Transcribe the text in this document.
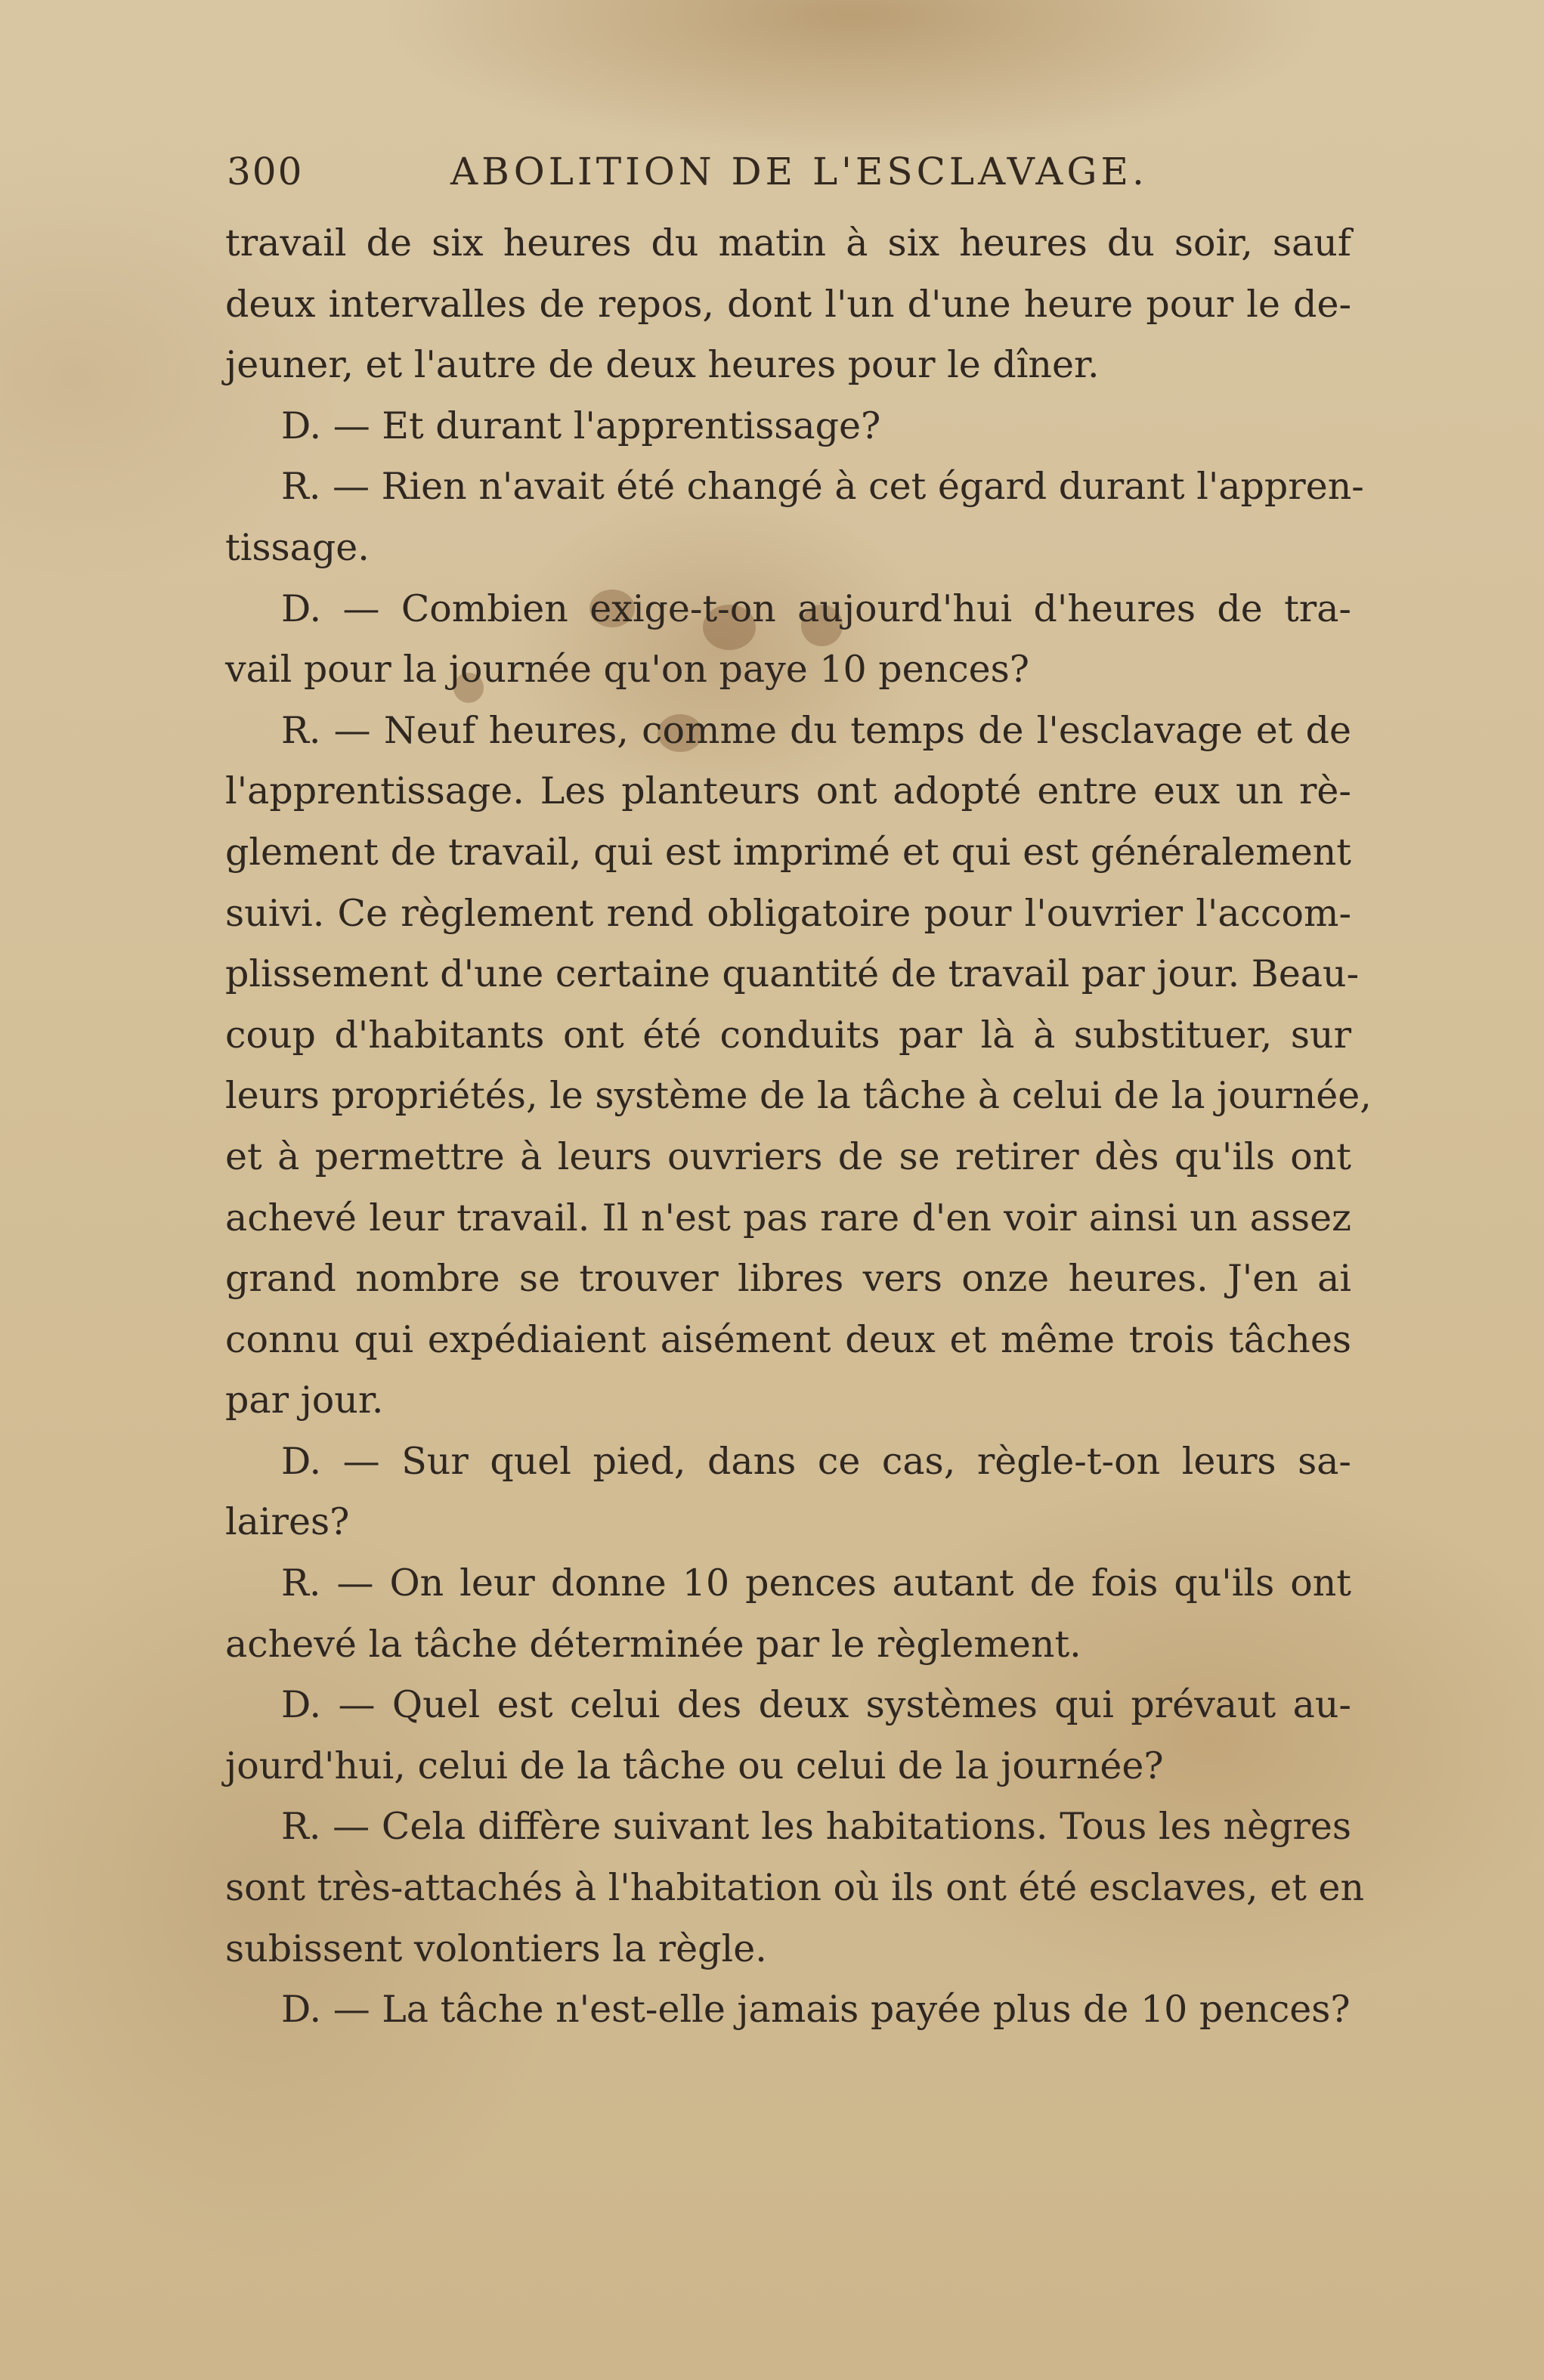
300	ABOLITION DE L'ESCLAVAGE.
travail de six heures du matin à six heures du soir, sauf
deux intervalles de repos, dont l'un d'une heure pour le de-
jeuner, et l'autre de deux heures pour le dîner.
D. — Et durant l'apprentissage?
R. — Rien n'avait été changé à cet égard durant l'appren-
tissage.
D. — Combien exige-t-on aujourd'hui d'heures de tra-
vail pour la journée qu'on paye 10 pences?
R. — Neuf heures, comme du temps de l'esclavage et de
l'apprentissage. Les planteurs ont adopté entre eux un rè-
glement de travail, qui est imprimé et qui est généralement
suivi. Ce règlement rend obligatoire pour l'ouvrier l'accom-
plissement d'une certaine quantité de travail par jour. Beau-
coup d'habitants ont été conduits par là à substituer, sur
leurs propriétés, le système de la tâche à celui de la journée,
et à permettre à leurs ouvriers de se retirer dès qu'ils ont
achevé leur travail. Il n'est pas rare d'en voir ainsi un assez
grand nombre se trouver libres vers onze heures. J'en ai
connu qui expédiaient aisément deux et même trois tâches
par jour.
D. — Sur quel pied, dans ce cas, règle-t-on leurs sa-
laires?
R. — On leur donne 10 pences autant de fois qu'ils ont
achevé la tâche déterminée par le règlement.
D. — Quel est celui des deux systèmes qui prévaut au-
jourd'hui, celui de la tâche ou celui de la journée?
R. — Cela diffère suivant les habitations. Tous les nègres
sont très-attachés à l'habitation où ils ont été esclaves, et en
subissent volontiers la règle.
D. — La tâche n'est-elle jamais payée plus de 10 pences?
